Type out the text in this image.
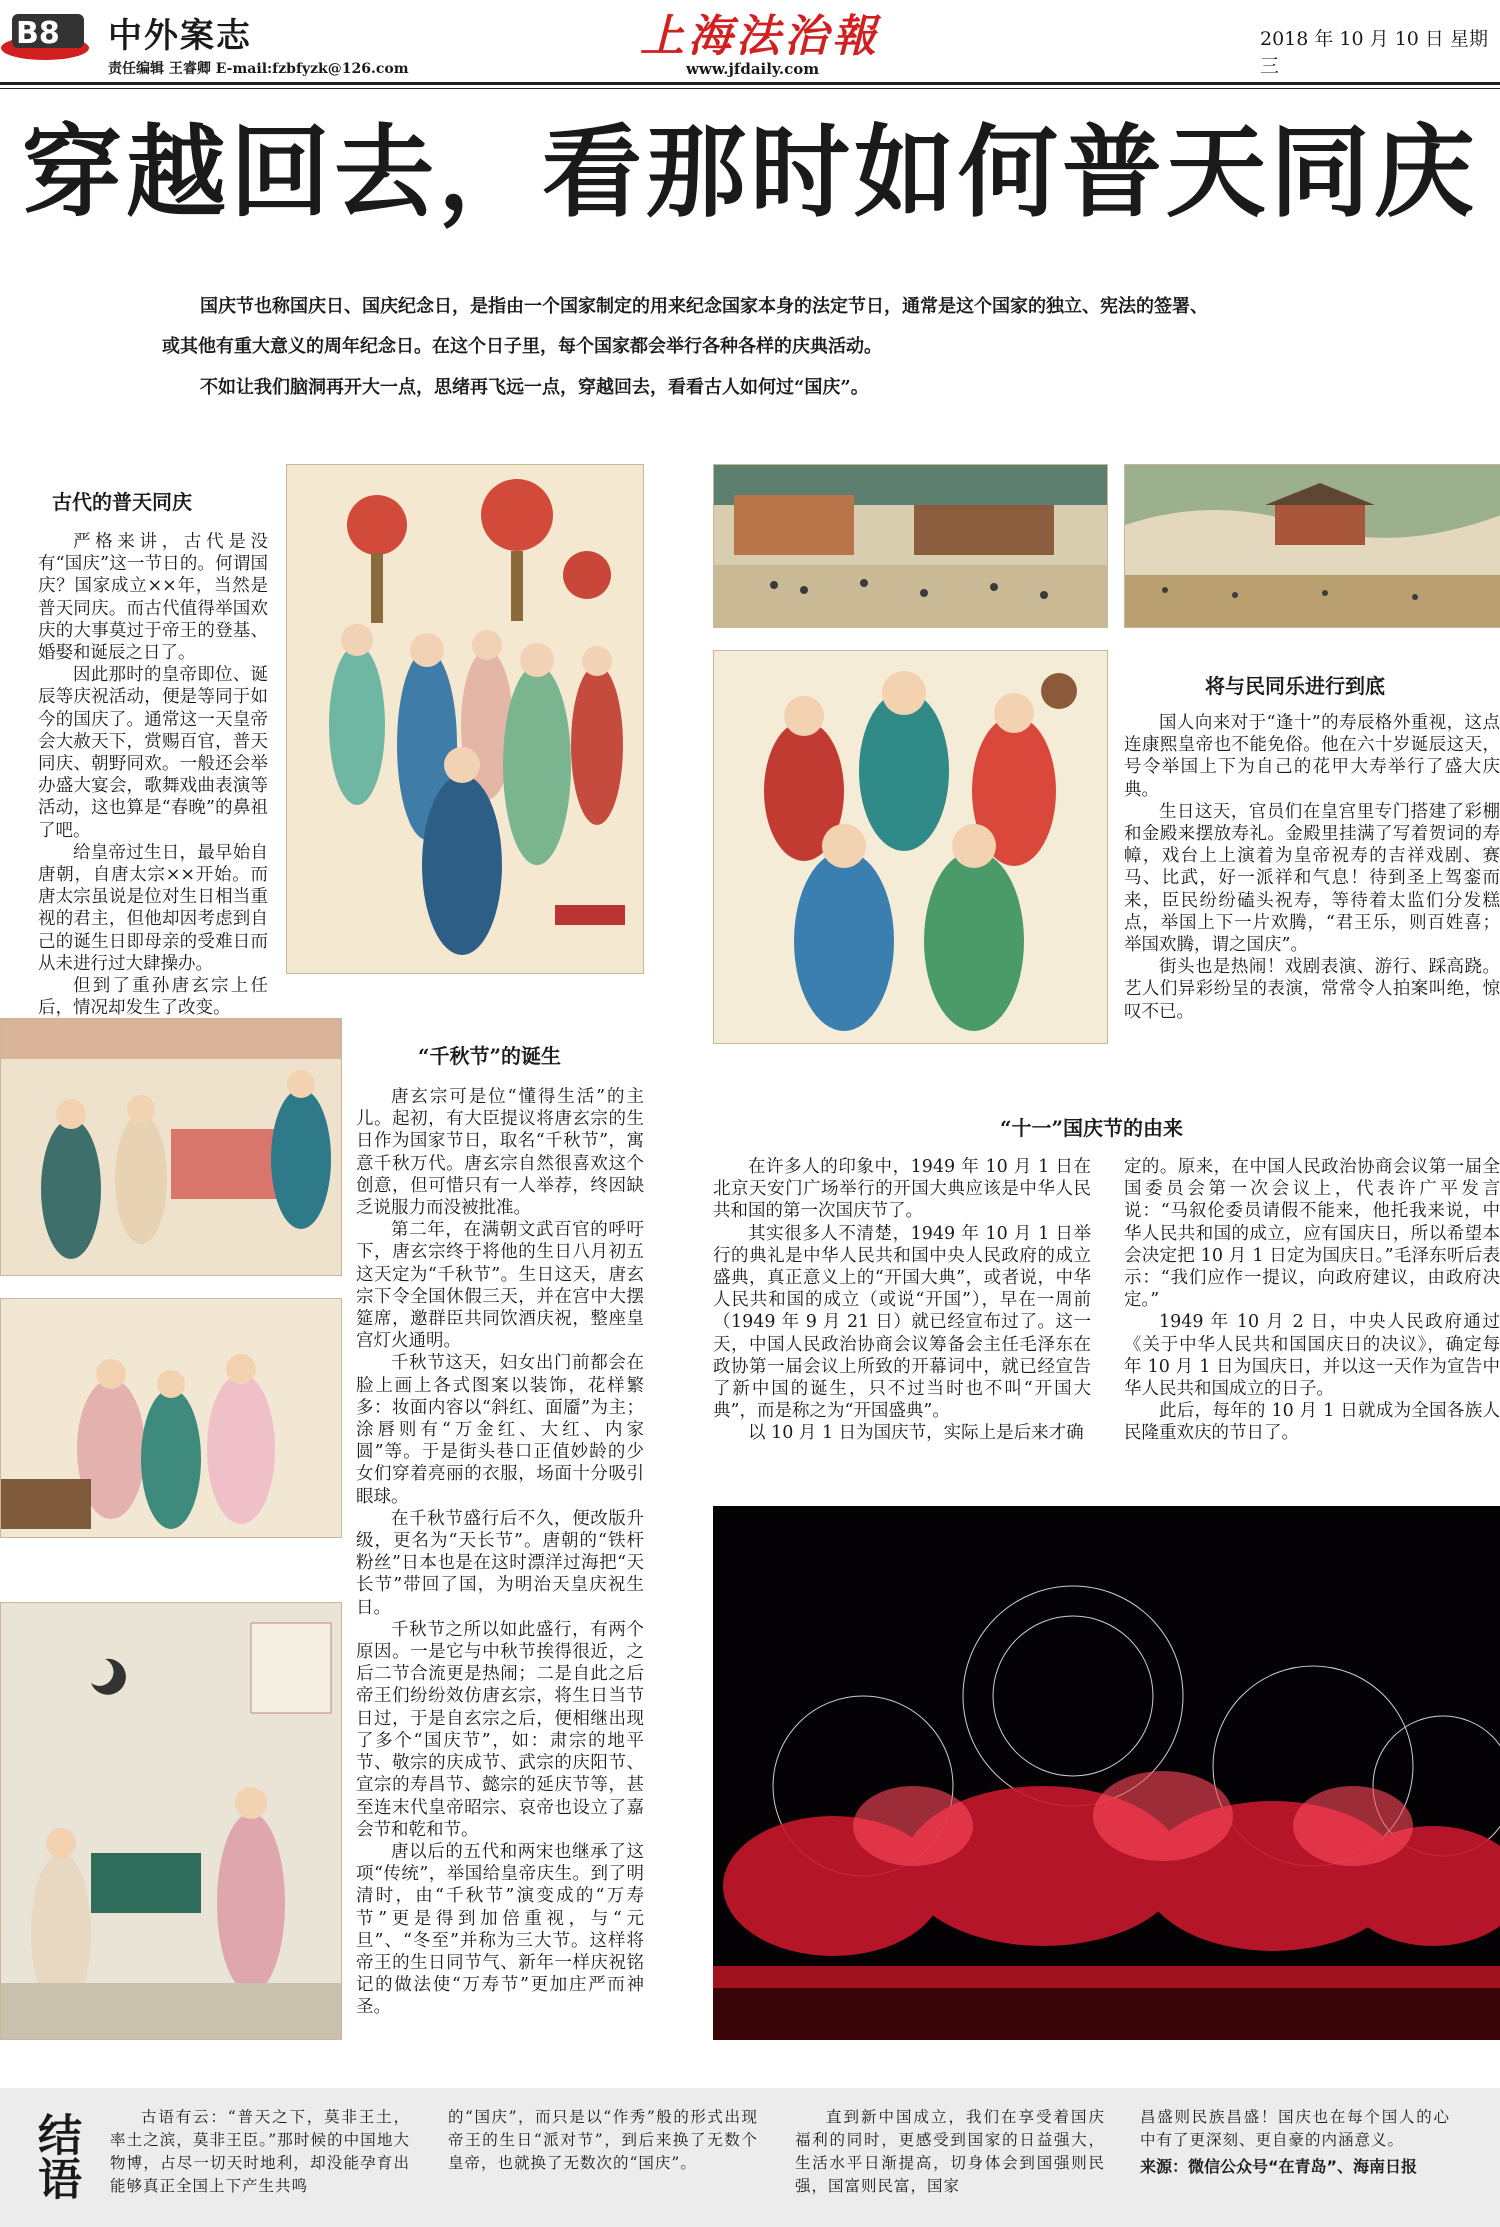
B8 中外案志
责任编辑 王睿卿 E-mail:fzbfyzk@126.com
上海法治報
www.jfdaily.com
2018 年 10 月 10 日 星期三
穿越回去，看那时如何普天同庆
国庆节也称国庆日、国庆纪念日，是指由一个国家制定的用来纪念国家本身的法定节日，通常是这个国家的独立、宪法的签署、
或其他有重大意义的周年纪念日。在这个日子里，每个国家都会举行各种各样的庆典活动。
不如让我们脑洞再开大一点，思绪再飞远一点，穿越回去，看看古人如何过“国庆”。
古代的普天同庆

严格来讲，古代是没有“国庆”这一节日的。何谓国庆？国家成立××年，当然是普天同庆。而古代值得举国欢庆的大事莫过于帝王的登基、婚娶和诞辰之日了。

因此那时的皇帝即位、诞辰等庆祝活动，便是等同于如今的国庆了。通常这一天皇帝会大赦天下，赏赐百官，普天同庆、朝野同欢。一般还会举办盛大宴会，歌舞戏曲表演等活动，这也算是“春晚”的鼻祖了吧。

给皇帝过生日，最早始自唐朝，自唐太宗××开始。而唐太宗虽说是位对生日相当重视的君主，但他却因考虑到自己的诞生日即母亲的受难日而从未进行过大肆操办。

但到了重孙唐玄宗上任后，情况却发生了改变。

将与民同乐进行到底

国人向来对于“逢十”的寿辰格外重视，这点连康熙皇帝也不能免俗。他在六十岁诞辰这天，号令举国上下为自己的花甲大寿举行了盛大庆典。

生日这天，官员们在皇宫里专门搭建了彩棚和金殿来摆放寿礼。金殿里挂满了写着贺词的寿幛，戏台上上演着为皇帝祝寿的吉祥戏剧、赛马、比武，好一派祥和气息！待到圣上驾銮而来，臣民纷纷磕头祝寿，等待着太监们分发糕点，举国上下一片欢腾，“君王乐，则百姓喜；举国欢腾，谓之国庆”。

街头也是热闹！戏剧表演、游行、踩高跷。艺人们异彩纷呈的表演，常常令人拍案叫绝，惊叹不已。

“千秋节”的诞生

唐玄宗可是位“懂得生活”的主儿。起初，有大臣提议将唐玄宗的生日作为国家节日，取名“千秋节”，寓意千秋万代。唐玄宗自然很喜欢这个创意，但可惜只有一人举荐，终因缺乏说服力而没被批准。

第二年，在满朝文武百官的呼吁下，唐玄宗终于将他的生日八月初五这天定为“千秋节”。生日这天，唐玄宗下令全国休假三天，并在宫中大摆筵席，邀群臣共同饮酒庆祝，整座皇宫灯火通明。

千秋节这天，妇女出门前都会在脸上画上各式图案以装饰，花样繁多：妆面内容以“斜红、面靥”为主；涂唇则有“万金红、大红、内家圆”等。于是街头巷口正值妙龄的少女们穿着亮丽的衣服，场面十分吸引眼球。

在千秋节盛行后不久，便改版升级，更名为“天长节”。唐朝的“铁杆粉丝”日本也是在这时漂洋过海把“天长节”带回了国，为明治天皇庆祝生日。

千秋节之所以如此盛行，有两个原因。一是它与中秋节挨得很近，之后二节合流更是热闹；二是自此之后帝王们纷纷效仿唐玄宗，将生日当节日过，于是自玄宗之后，便相继出现了多个“国庆节”，如：肃宗的地平节、敬宗的庆成节、武宗的庆阳节、宣宗的寿昌节、懿宗的延庆节等，甚至连末代皇帝昭宗、哀帝也设立了嘉会节和乾和节。

唐以后的五代和两宋也继承了这项“传统”，举国给皇帝庆生。到了明清时，由“千秋节”演变成的“万寿节”更是得到加倍重视，与“元旦”、“冬至”并称为三大节。这样将帝王的生日同节气、新年一样庆祝铭记的做法使“万寿节”更加庄严而神圣。

“十一”国庆节的由来

在许多人的印象中，1949 年 10 月 1 日在北京天安门广场举行的开国大典应该是中华人民共和国的第一次国庆节了。

其实很多人不清楚，1949 年 10 月 1 日举行的典礼是中华人民共和国中央人民政府的成立盛典，真正意义上的“开国大典”，或者说，中华人民共和国的成立（或说“开国”），早在一周前（1949 年 9 月 21 日）就已经宣布过了。这一天，中国人民政治协商会议筹备会主任毛泽东在政协第一届会议上所致的开幕词中，就已经宣告了新中国的诞生，只不过当时也不叫“开国大典”，而是称之为“开国盛典”。

以 10 月 1 日为国庆节，实际上是后来才确

定的。原来，在中国人民政治协商会议第一届全国委员会第一次会议上，代表许广平发言说：“马叙伦委员请假不能来，他托我来说，中华人民共和国的成立，应有国庆日，所以希望本会决定把 10 月 1 日定为国庆日。”毛泽东听后表示：“我们应作一提议，向政府建议，由政府决定。”

1949 年 10 月 2 日，中央人民政府通过《关于中华人民共和国国庆日的决议》，确定每年 10 月 1 日为国庆日，并以这一天作为宣告中华人民共和国成立的日子。

此后，每年的 10 月 1 日就成为全国各族人民隆重欢庆的节日了。

结语	古语有云：“普天之下，莫非王土，率土之滨，莫非王臣。”那时候的中国地大物博，占尽一切天时地利，却没能孕育出能够真正全国上下产生共鸣

的“国庆”，而只是以“作秀”般的形式出现帝王的生日“派对节”，到后来换了无数个皇帝，也就换了无数次的“国庆”。

直到新中国成立，我们在享受着国庆福利的同时，更感受到国家的日益强大，生活水平日渐提高，切身体会到国强则民强，国富则民富，国家

昌盛则民族昌盛！国庆也在每个国人的心中有了更深刻、更自豪的内涵意义。

来源：微信公众号“在青岛”、海南日报
